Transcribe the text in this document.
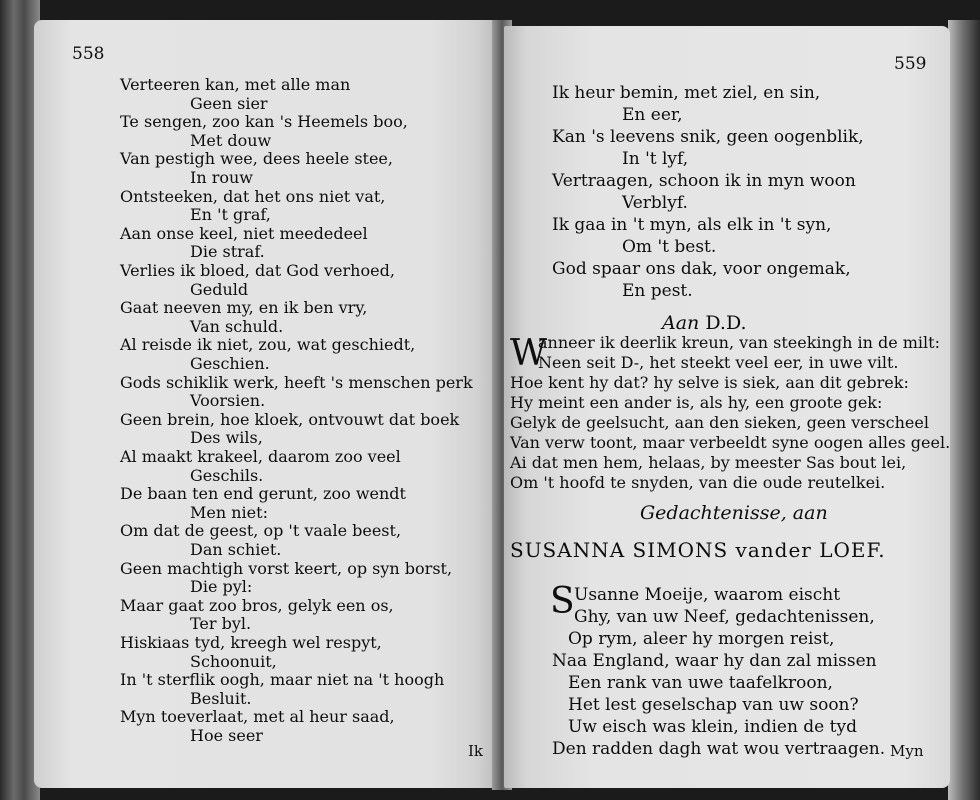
558
Verteeren kan, met alle man
Geen sier
Te sengen, zoo kan 's Heemels boo,
Met douw
Van pestigh wee, dees heele stee,
In rouw
Ontsteeken, dat het ons niet vat,
En 't graf,
Aan onse keel, niet meededeel
Die straf.
Verlies ik bloed, dat God verhoed,
Geduld
Gaat neeven my, en ik ben vry,
Van schuld.
Al reisde ik niet, zou, wat geschiedt,
Geschien.
Gods schiklik werk, heeft 's menschen perk
Voorsien.
Geen brein, hoe kloek, ontvouwt dat boek
Des wils,
Al maakt krakeel, daarom zoo veel
Geschils.
De baan ten end gerunt, zoo wendt
Men niet:
Om dat de geest, op 't vaale beest,
Dan schiet.
Geen machtigh vorst keert, op syn borst,
Die pyl:
Maar gaat zoo bros, gelyk een os,
Ter byl.
Hiskiaas tyd, kreegh wel respyt,
Schoonuit,
In 't sterflik oogh, maar niet na 't hoogh
Besluit.
Myn toeverlaat, met al heur saad,
Hoe seer
Ik
559
Ik heur bemin, met ziel, en sin,
En eer,
Kan 's leevens snik, geen oogenblik,
In 't lyf,
Vertraagen, schoon ik in myn woon
Verblyf.
Ik gaa in 't myn, als elk in 't syn,
Om 't best.
God spaar ons dak, voor ongemak,
En pest.
Aan D.D.
W
anneer ik deerlik kreun, van steekingh in de milt:
Neen seit D-, het steekt veel eer, in uwe vilt.
Hoe kent hy dat? hy selve is siek, aan dit gebrek:
Hy meint een ander is, als hy, een groote gek:
Gelyk de geelsucht, aan den sieken, geen verscheel
Van verw toont, maar verbeeldt syne oogen alles geel.
Ai dat men hem, helaas, by meester Sas bout lei,
Om 't hoofd te snyden, van die oude reutelkei.
Gedachtenisse, aan
SUSANNA SIMONS vander LOEF.
S Usanne Moeije, waarom eischt
Ghy, van uw Neef, gedachtenissen,
Op rym, aleer hy morgen reist,
Naa England, waar hy dan zal missen
Een rank van uwe taafelkroon,
Het lest geselschap van uw soon?
Uw eisch was klein, indien de tyd
Den radden dagh wat wou vertraagen. Myn
